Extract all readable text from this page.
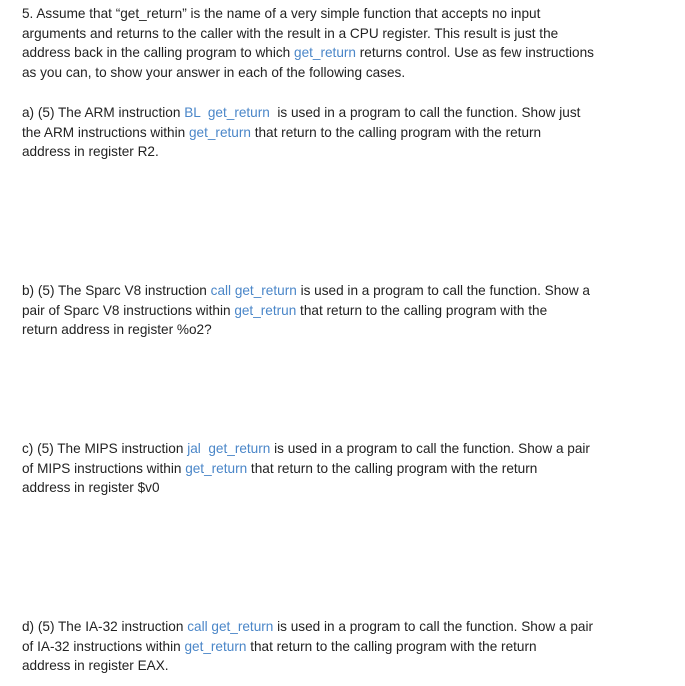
5. Assume that “get_return” is the name of a very simple function that accepts no input
arguments and returns to the caller with the result in a CPU register. This result is just the
address back in the calling program to which get_return returns control. Use as few instructions
as you can, to show your answer in each of the following cases.

a) (5) The ARM instruction BL  get_return  is used in a program to call the function. Show just
the ARM instructions within get_return that return to the calling program with the return
address in register R2.

b) (5) The Sparc V8 instruction call get_return is used in a program to call the function. Show a
pair of Sparc V8 instructions within get_retrun that return to the calling program with the
return address in register %o2?

c) (5) The MIPS instruction jal  get_return is used in a program to call the function. Show a pair
of MIPS instructions within get_return that return to the calling program with the return
address in register $v0

d) (5) The IA-32 instruction call get_return is used in a program to call the function. Show a pair
of IA-32 instructions within get_return that return to the calling program with the return
address in register EAX.
